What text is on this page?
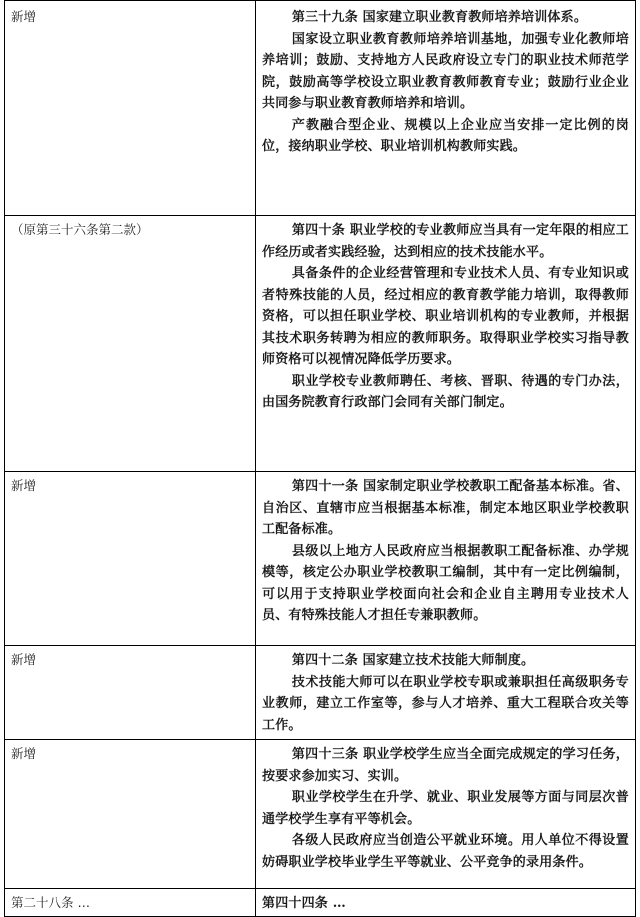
新增	第三十九条 国家建立职业教育教师培养培训体系。

国家设立职业教育教师培养培训基地，加强专业化教师培养培训；鼓励、支持地方人民政府设立专门的职业技术师范学院，鼓励高等学校设立职业教育教师教育专业；鼓励行业企业共同参与职业教育教师培养和培训。

产教融合型企业、规模以上企业应当安排一定比例的岗位，接纳职业学校、职业培训机构教师实践。

（原第三十六条第二款）	第四十条 职业学校的专业教师应当具有一定年限的相应工作经历或者实践经验，达到相应的技术技能水平。

具备条件的企业经营管理和专业技术人员、有专业知识或者特殊技能的人员，经过相应的教育教学能力培训，取得教师资格，可以担任职业学校、职业培训机构的专业教师，并根据其技术职务转聘为相应的教师职务。取得职业学校实习指导教师资格可以视情况降低学历要求。

职业学校专业教师聘任、考核、晋职、待遇的专门办法，由国务院教育行政部门会同有关部门制定。

新增	第四十一条 国家制定职业学校教职工配备基本标准。省、自治区、直辖市应当根据基本标准，制定本地区职业学校教职工配备标准。

县级以上地方人民政府应当根据教职工配备标准、办学规模等，核定公办职业学校教职工编制，其中有一定比例编制，可以用于支持职业学校面向社会和企业自主聘用专业技术人员、有特殊技能人才担任专兼职教师。

新增	第四十二条 国家建立技术技能大师制度。

技术技能大师可以在职业学校专职或兼职担任高级职务专业教师，建立工作室等，参与人才培养、重大工程联合攻关等工作。

新增	第四十三条 职业学校学生应当全面完成规定的学习任务，按要求参加实习、实训。

职业学校学生在升学、就业、职业发展等方面与同层次普通学校学生享有平等机会。

各级人民政府应当创造公平就业环境。用人单位不得设置妨碍职业学校毕业学生平等就业、公平竞争的录用条件。

第二十八条 …	第四十四条 …
